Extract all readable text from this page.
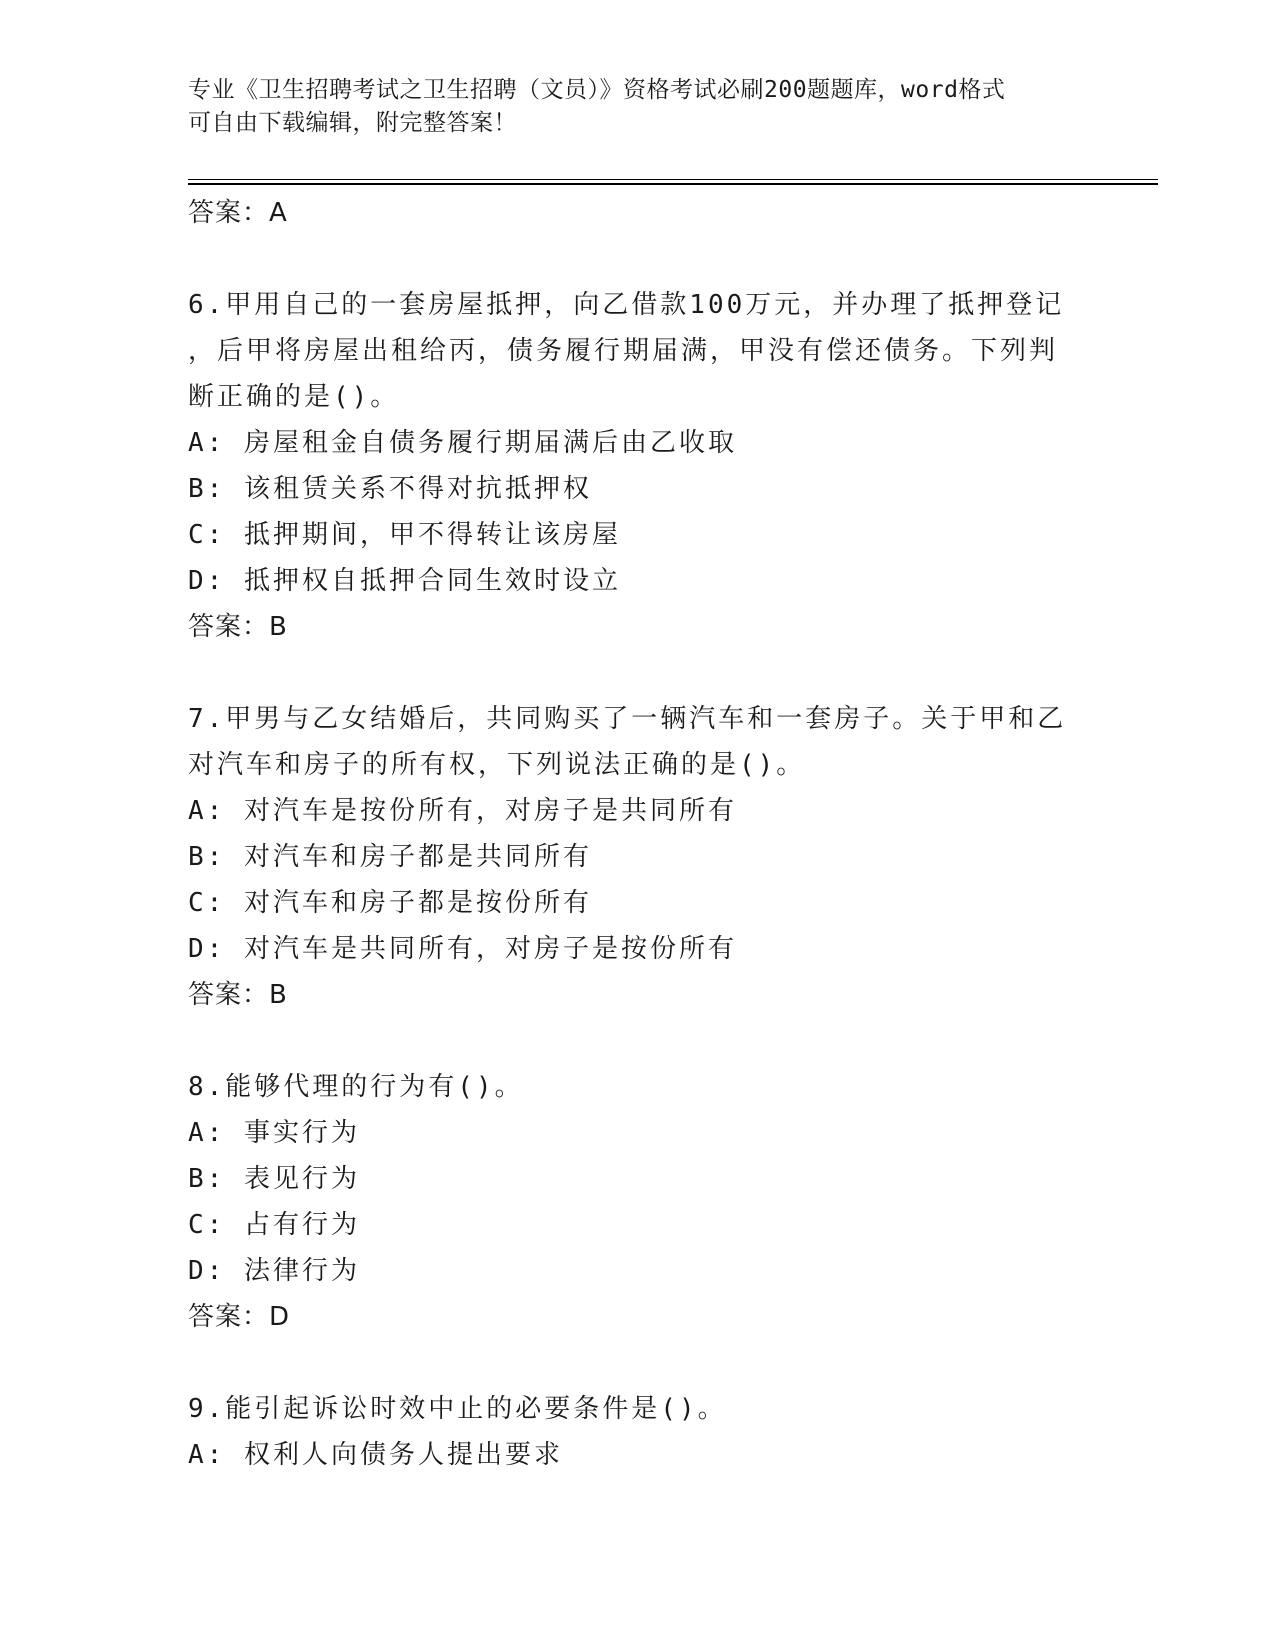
专业《卫生招聘考试之卫生招聘（文员）》资格考试必刷200题题库，word格式
可自由下载编辑，附完整答案！
答案：A
6.甲用自己的一套房屋抵押，向乙借款100万元，并办理了抵押登记
，后甲将房屋出租给丙，债务履行期届满，甲没有偿还债务。下列判
断正确的是()。
A: 房屋租金自债务履行期届满后由乙收取
B: 该租赁关系不得对抗抵押权
C: 抵押期间，甲不得转让该房屋
D: 抵押权自抵押合同生效时设立
答案：B
7.甲男与乙女结婚后，共同购买了一辆汽车和一套房子。关于甲和乙
对汽车和房子的所有权，下列说法正确的是()。
A: 对汽车是按份所有，对房子是共同所有
B: 对汽车和房子都是共同所有
C: 对汽车和房子都是按份所有
D: 对汽车是共同所有，对房子是按份所有
答案：B
8.能够代理的行为有()。
A: 事实行为
B: 表见行为
C: 占有行为
D: 法律行为
答案：D
9.能引起诉讼时效中止的必要条件是()。
A: 权利人向债务人提出要求
